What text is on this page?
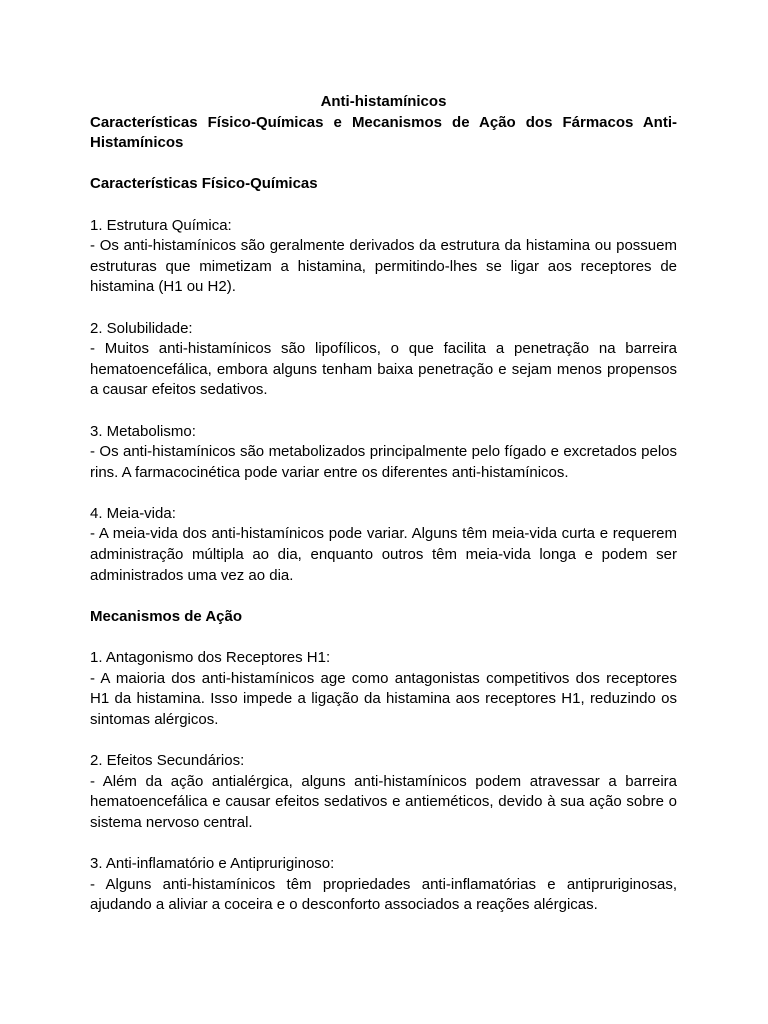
Anti-histamínicos

Características Físico-Químicas e Mecanismos de Ação dos Fármacos Anti-Histamínicos

Características Físico-Químicas

1. Estrutura Química:

- Os anti-histamínicos são geralmente derivados da estrutura da histamina ou possuem estruturas que mimetizam a histamina, permitindo-lhes se ligar aos receptores de histamina (H1 ou H2).

2. Solubilidade:

- Muitos anti-histamínicos são lipofílicos, o que facilita a penetração na barreira hematoencefálica, embora alguns tenham baixa penetração e sejam menos propensos a causar efeitos sedativos.

3. Metabolismo:

- Os anti-histamínicos são metabolizados principalmente pelo fígado e excretados pelos rins. A farmacocinética pode variar entre os diferentes anti-histamínicos.

4. Meia-vida:

- A meia-vida dos anti-histamínicos pode variar. Alguns têm meia-vida curta e requerem administração múltipla ao dia, enquanto outros têm meia-vida longa e podem ser administrados uma vez ao dia.

Mecanismos de Ação

1. Antagonismo dos Receptores H1:

- A maioria dos anti-histamínicos age como antagonistas competitivos dos receptores H1 da histamina. Isso impede a ligação da histamina aos receptores H1, reduzindo os sintomas alérgicos.

2. Efeitos Secundários:

- Além da ação antialérgica, alguns anti-histamínicos podem atravessar a barreira hematoencefálica e causar efeitos sedativos e antieméticos, devido à sua ação sobre o sistema nervoso central.

3. Anti-inflamatório e Antipruriginoso:

- Alguns anti-histamínicos têm propriedades anti-inflamatórias e antipruriginosas, ajudando a aliviar a coceira e o desconforto associados a reações alérgicas.
